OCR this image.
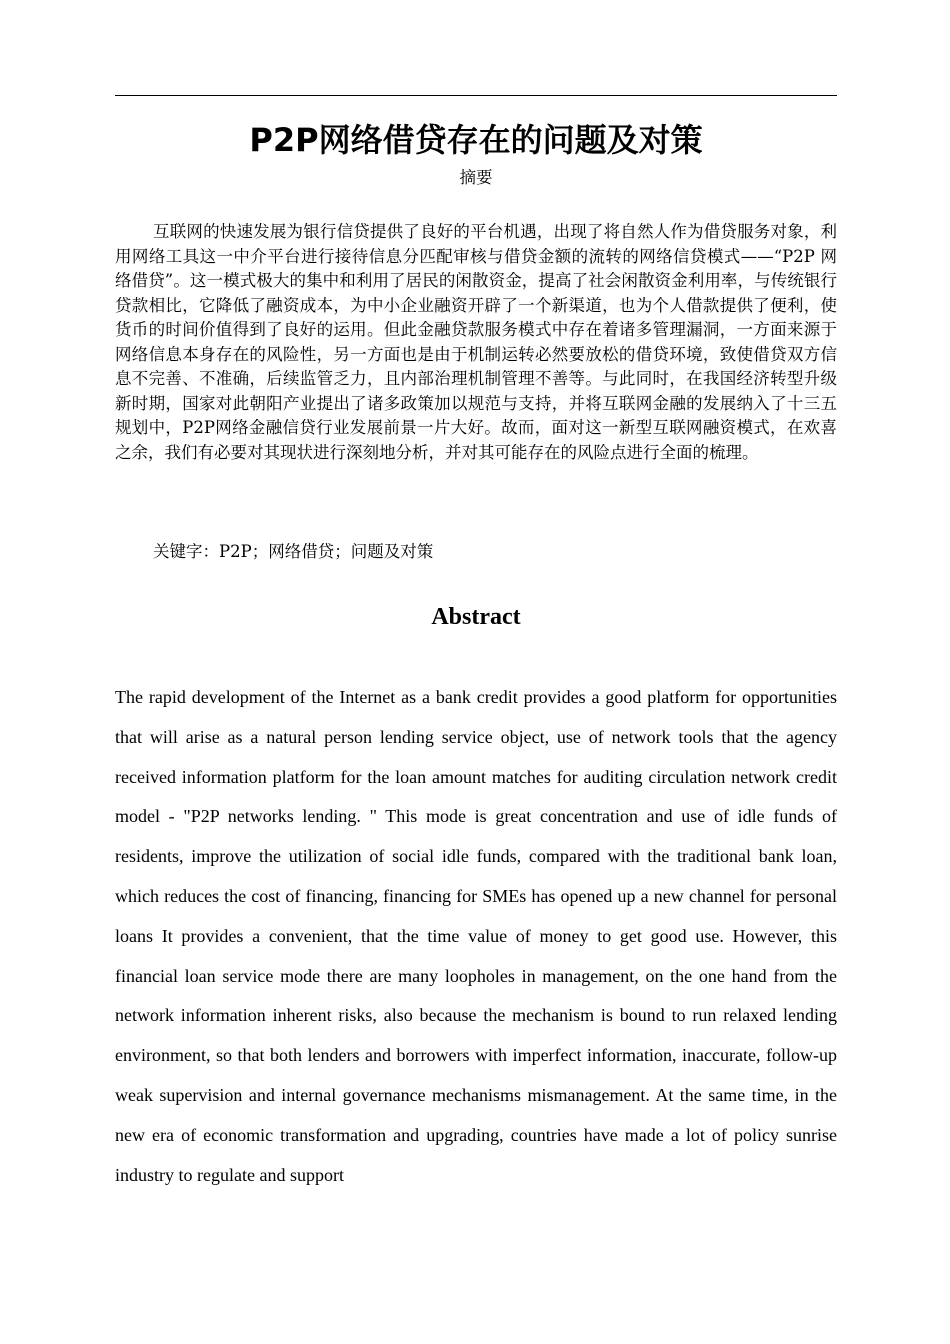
P2P网络借贷存在的问题及对策
摘要

互联网的快速发展为银行信贷提供了良好的平台机遇，出现了将自然人作为借贷服务对象，利用网络工具这一中介平台进行接待信息分匹配审核与借贷金额的流转的网络信贷模式——“P2P 网络借贷”。这一模式极大的集中和利用了居民的闲散资金，提高了社会闲散资金利用率，与传统银行贷款相比，它降低了融资成本，为中小企业融资开辟了一个新渠道，也为个人借款提供了便利，使货币的时间价值得到了良好的运用。但此金融贷款服务模式中存在着诸多管理漏洞，一方面来源于网络信息本身存在的风险性，另一方面也是由于机制运转必然要放松的借贷环境，致使借贷双方信息不完善、不准确，后续监管乏力，且内部治理机制管理不善等。与此同时，在我国经济转型升级新时期，国家对此朝阳产业提出了诸多政策加以规范与支持，并将互联网金融的发展纳入了十三五规划中，P2P网络金融信贷行业发展前景一片大好。故而，面对这一新型互联网融资模式，在欢喜之余，我们有必要对其现状进行深刻地分析，并对其可能存在的风险点进行全面的梳理。

关键字：P2P；网络借贷；问题及对策
Abstract

The rapid development of the Internet as a bank credit provides a good platform for opportunities that will arise as a natural person lending service object, use of network tools that the agency received information platform for the loan amount matches for auditing circulation network credit model - "P2P networks lending. " This mode is great concentration and use of idle funds of residents, improve the utilization of social idle funds, compared with the traditional bank loan, which reduces the cost of financing, financing for SMEs has opened up a new channel for personal loans It provides a convenient, that the time value of money to get good use. However, this financial loan service mode there are many loopholes in management, on the one hand from the network information inherent risks, also because the mechanism is bound to run relaxed lending environment, so that both lenders and borrowers with imperfect information, inaccurate, follow-up weak supervision and internal governance mechanisms mismanagement. At the same time, in the new era of economic transformation and upgrading, countries have made a lot of policy sunrise industry to regulate and support
